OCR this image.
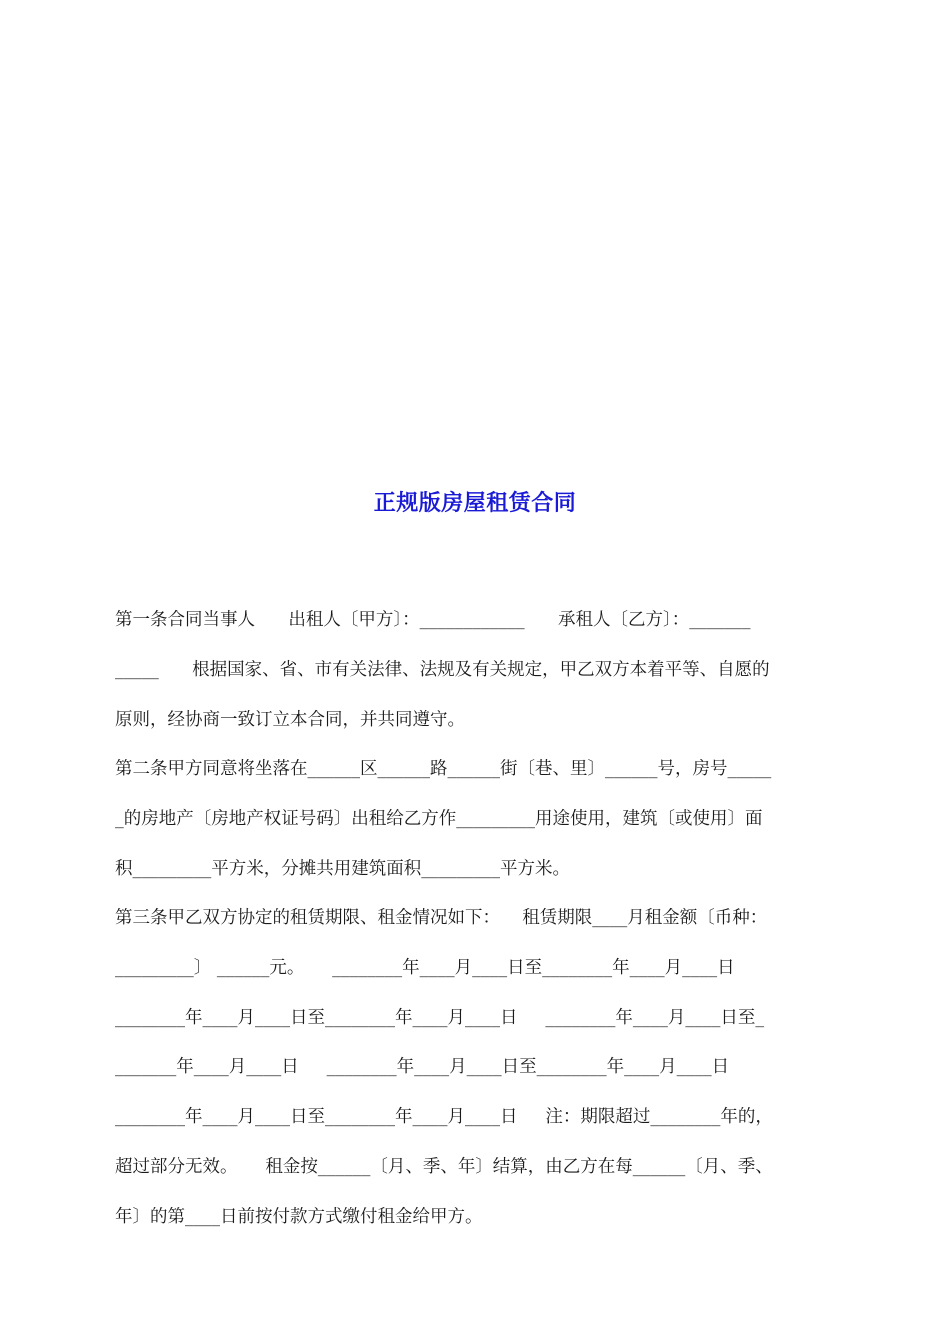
正规版房屋租赁合同
第一条合同当事人      出租人〔甲方〕：____________      承租人〔乙方〕：_______
_____      根据国家、省、市有关法律、法规及有关规定，甲乙双方本着平等、自愿的
原则，经协商一致订立本合同，并共同遵守。
第二条甲方同意将坐落在______区______路______街〔巷、里〕______号，房号_____
_的房地产〔房地产权证号码〕出租给乙方作_________用途使用，建筑〔或使用〕面
积_________平方米，分摊共用建筑面积_________平方米。
第三条甲乙双方协定的租赁期限、租金情况如下：    租赁期限____月租金额〔币种：
_________〕 ______元。     ________年____月____日至________年____月____日
________年____月____日至________年____月____日     ________年____月____日至_
_______年____月____日     ________年____月____日至________年____月____日
________年____月____日至________年____月____日     注：期限超过________年的，
超过部分无效。     租金按______〔月、季、年〕结算，由乙方在每______〔月、季、
年〕的第____日前按付款方式缴付租金给甲方。
